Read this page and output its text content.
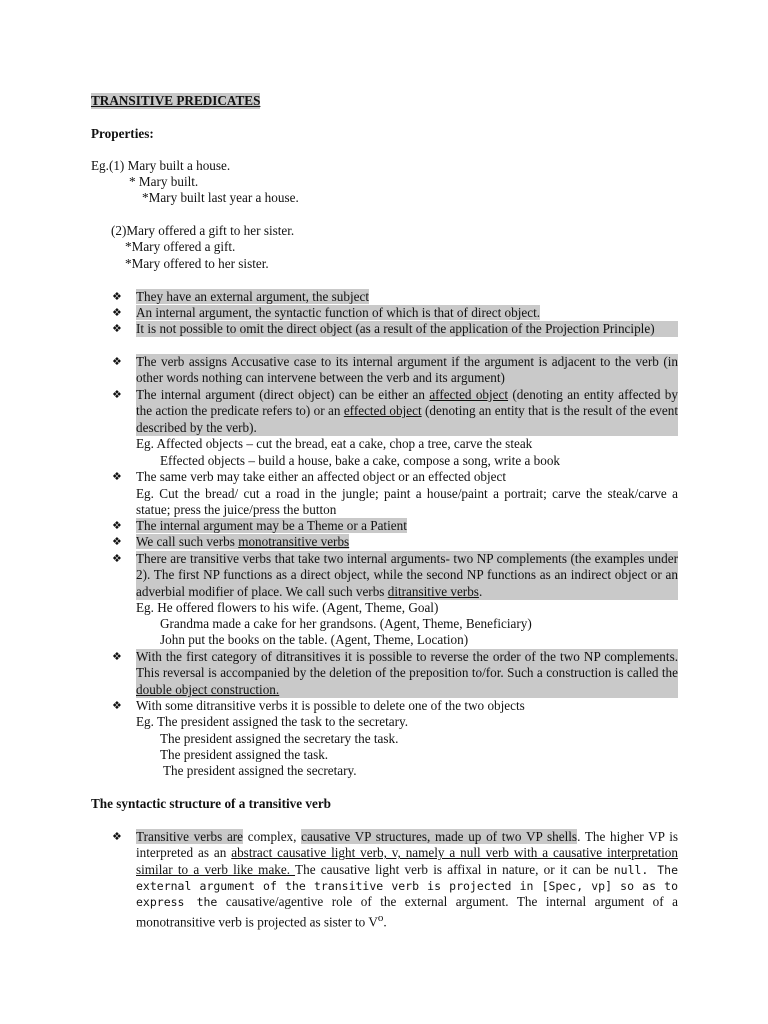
TRANSITIVE PREDICATES
Properties:
Eg.(1) Mary built a house.
* Mary built.
*Mary built last year a house.
(2)Mary offered a gift to her sister.
*Mary offered a gift.
*Mary offered to her sister.
❖ They have an external argument, the subject
❖ An internal argument, the syntactic function of which is that of direct object.
❖ It is not possible to omit the direct object (as a result of the application of the Projection Principle)
❖ The verb assigns Accusative case to its internal argument if the argument is adjacent to the verb (in other words nothing can intervene between the verb and its argument)
❖ The internal argument (direct object) can be either an affected object (denoting an entity affected by the action the predicate refers to) or an effected object (denoting an entity that is the result of the event described by the verb).
Eg. Affected objects – cut the bread, eat a cake, chop a tree, carve the steak
Effected objects – build a house, bake a cake, compose a song, write a book
❖ The same verb may take either an affected object or an effected object
Eg. Cut the bread/ cut a road in the jungle; paint a house/paint a portrait; carve the steak/carve a statue; press the juice/press the button
❖ The internal argument may be a Theme or a Patient
❖ We call such verbs monotransitive verbs
❖ There are transitive verbs that take two internal arguments- two NP complements (the examples under 2). The first NP functions as a direct object, while the second NP functions as an indirect object or an adverbial modifier of place. We call such verbs ditransitive verbs.
Eg. He offered flowers to his wife. (Agent, Theme, Goal)
Grandma made a cake for her grandsons. (Agent, Theme, Beneficiary)
John put the books on the table. (Agent, Theme, Location)
❖ With the first category of ditransitives it is possible to reverse the order of the two NP complements. This reversal is accompanied by the deletion of the preposition to/for. Such a construction is called the double object construction.
❖ With some ditransitive verbs it is possible to delete one of the two objects
Eg. The president assigned the task to the secretary.
The president assigned the secretary the task.
The president assigned the task.
The president assigned the secretary.
The syntactic structure of a transitive verb
❖ Transitive verbs are complex, causative VP structures, made up of two VP shells. The higher VP is interpreted as an abstract causative light verb, v, namely a null verb with a causative interpretation similar to a verb like make. The causative light verb is affixal in nature, or it can be null. The external argument of the transitive verb is projected in [Spec, vp] so as to express the causative/agentive role of the external argument. The internal argument of a monotransitive verb is projected as sister to $V^o$.
